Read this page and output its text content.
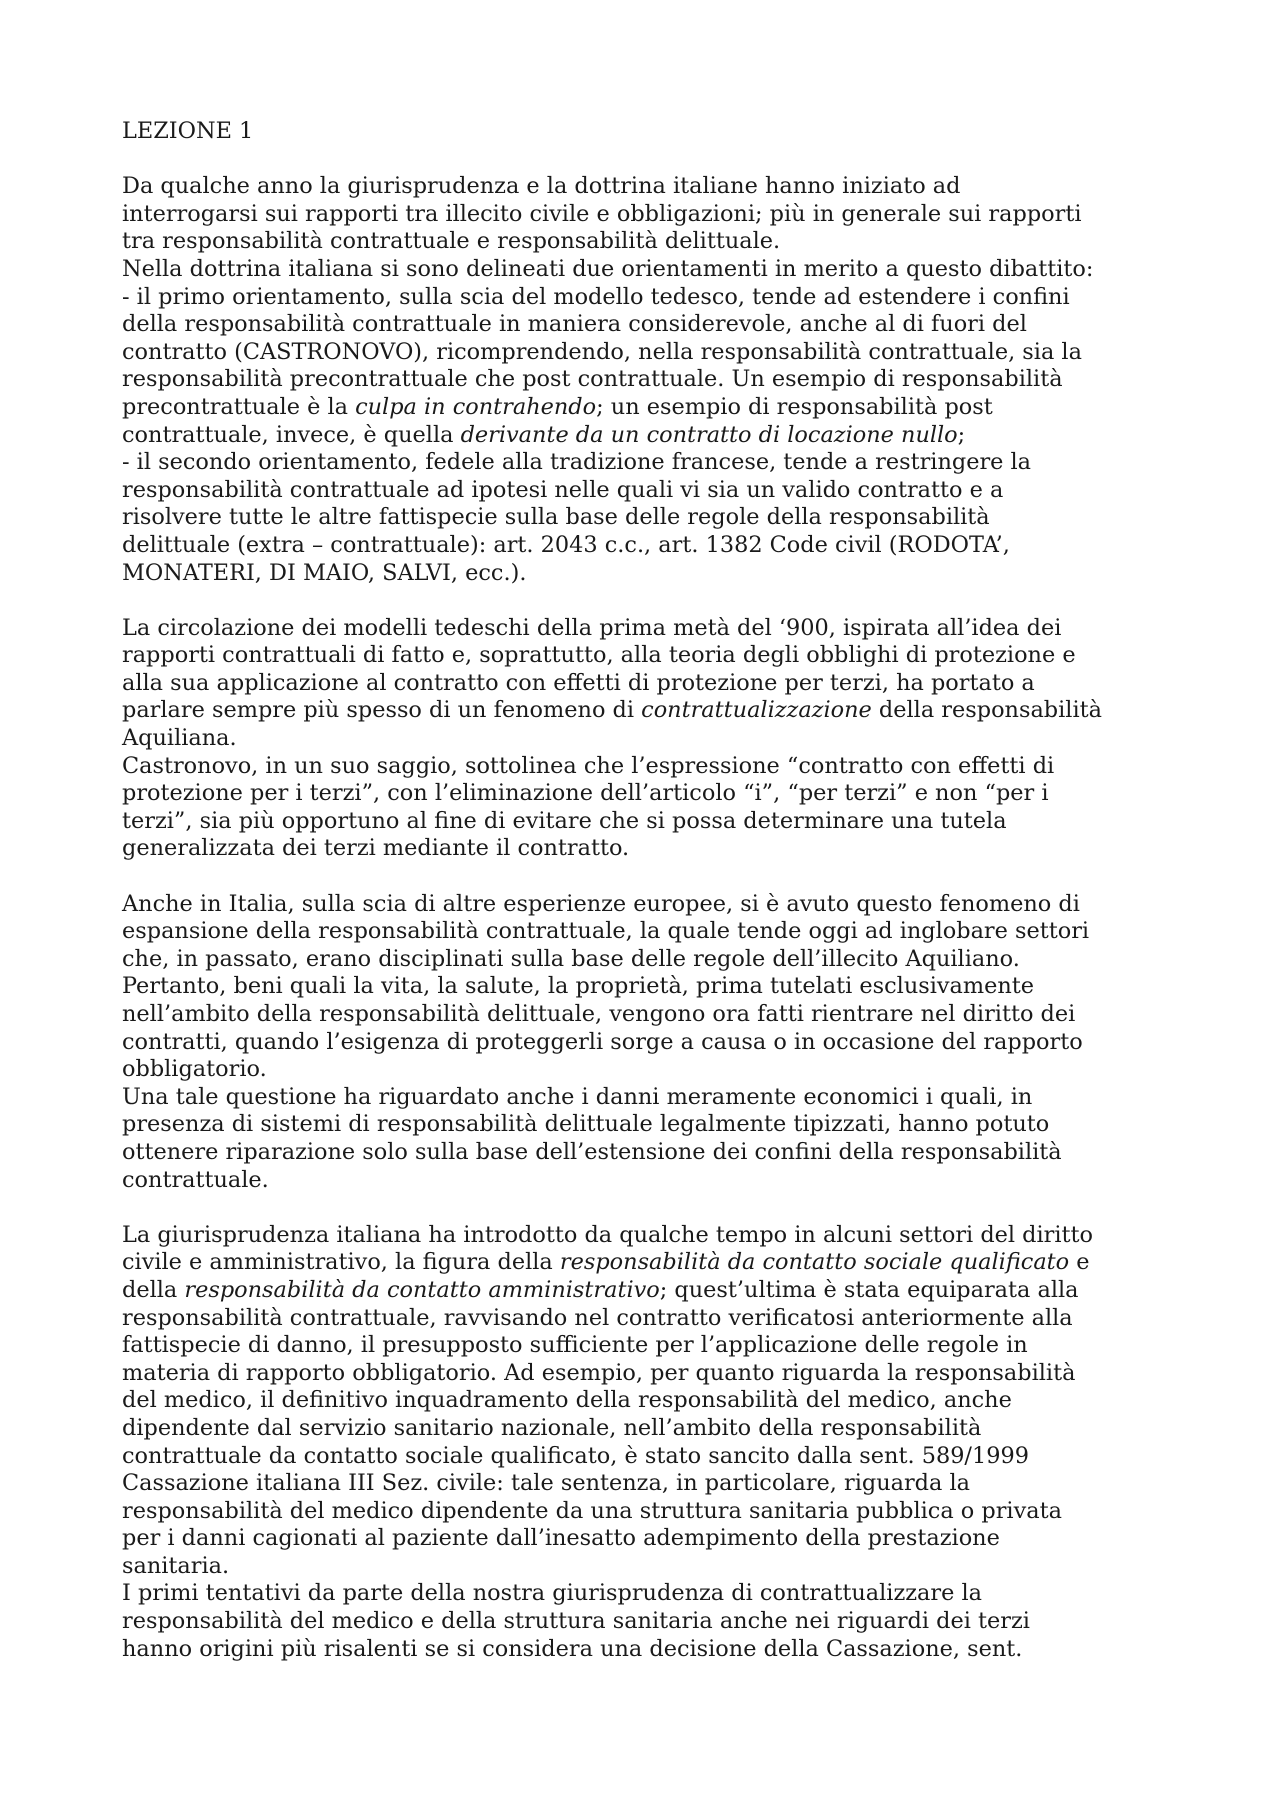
LEZIONE 1
Da qualche anno la giurisprudenza e la dottrina italiane hanno iniziato ad
interrogarsi sui rapporti tra illecito civile e obbligazioni; più in generale sui rapporti
tra responsabilità contrattuale e responsabilità delittuale.
Nella dottrina italiana si sono delineati due orientamenti in merito a questo dibattito:
- il primo orientamento, sulla scia del modello tedesco, tende ad estendere i confini
della responsabilità contrattuale in maniera considerevole, anche al di fuori del
contratto (CASTRONOVO), ricomprendendo, nella responsabilità contrattuale, sia la
responsabilità precontrattuale che post contrattuale. Un esempio di responsabilità
precontrattuale è la culpa in contrahendo; un esempio di responsabilità post
contrattuale, invece, è quella derivante da un contratto di locazione nullo;
- il secondo orientamento, fedele alla tradizione francese, tende a restringere la
responsabilità contrattuale ad ipotesi nelle quali vi sia un valido contratto e a
risolvere tutte le altre fattispecie sulla base delle regole della responsabilità
delittuale (extra – contrattuale): art. 2043 c.c., art. 1382 Code civil (RODOTA’,
MONATERI, DI MAIO, SALVI, ecc.).
La circolazione dei modelli tedeschi della prima metà del ‘900, ispirata all’idea dei
rapporti contrattuali di fatto e, soprattutto, alla teoria degli obblighi di protezione e
alla sua applicazione al contratto con effetti di protezione per terzi, ha portato a
parlare sempre più spesso di un fenomeno di contrattualizzazione della responsabilità
Aquiliana.
Castronovo, in un suo saggio, sottolinea che l’espressione “contratto con effetti di
protezione per i terzi”, con l’eliminazione dell’articolo “i”, “per terzi” e non “per i
terzi”, sia più opportuno al fine di evitare che si possa determinare una tutela
generalizzata dei terzi mediante il contratto.
Anche in Italia, sulla scia di altre esperienze europee, si è avuto questo fenomeno di
espansione della responsabilità contrattuale, la quale tende oggi ad inglobare settori
che, in passato, erano disciplinati sulla base delle regole dell’illecito Aquiliano.
Pertanto, beni quali la vita, la salute, la proprietà, prima tutelati esclusivamente
nell’ambito della responsabilità delittuale, vengono ora fatti rientrare nel diritto dei
contratti, quando l’esigenza di proteggerli sorge a causa o in occasione del rapporto
obbligatorio.
Una tale questione ha riguardato anche i danni meramente economici i quali, in
presenza di sistemi di responsabilità delittuale legalmente tipizzati, hanno potuto
ottenere riparazione solo sulla base dell’estensione dei confini della responsabilità
contrattuale.
La giurisprudenza italiana ha introdotto da qualche tempo in alcuni settori del diritto
civile e amministrativo, la figura della responsabilità da contatto sociale qualificato e
della responsabilità da contatto amministrativo; quest’ultima è stata equiparata alla
responsabilità contrattuale, ravvisando nel contratto verificatosi anteriormente alla
fattispecie di danno, il presupposto sufficiente per l’applicazione delle regole in
materia di rapporto obbligatorio. Ad esempio, per quanto riguarda la responsabilità
del medico, il definitivo inquadramento della responsabilità del medico, anche
dipendente dal servizio sanitario nazionale, nell’ambito della responsabilità
contrattuale da contatto sociale qualificato, è stato sancito dalla sent. 589/1999
Cassazione italiana III Sez. civile: tale sentenza, in particolare, riguarda la
responsabilità del medico dipendente da una struttura sanitaria pubblica o privata
per i danni cagionati al paziente dall’inesatto adempimento della prestazione
sanitaria.
I primi tentativi da parte della nostra giurisprudenza di contrattualizzare la
responsabilità del medico e della struttura sanitaria anche nei riguardi dei terzi
hanno origini più risalenti se si considera una decisione della Cassazione, sent.
